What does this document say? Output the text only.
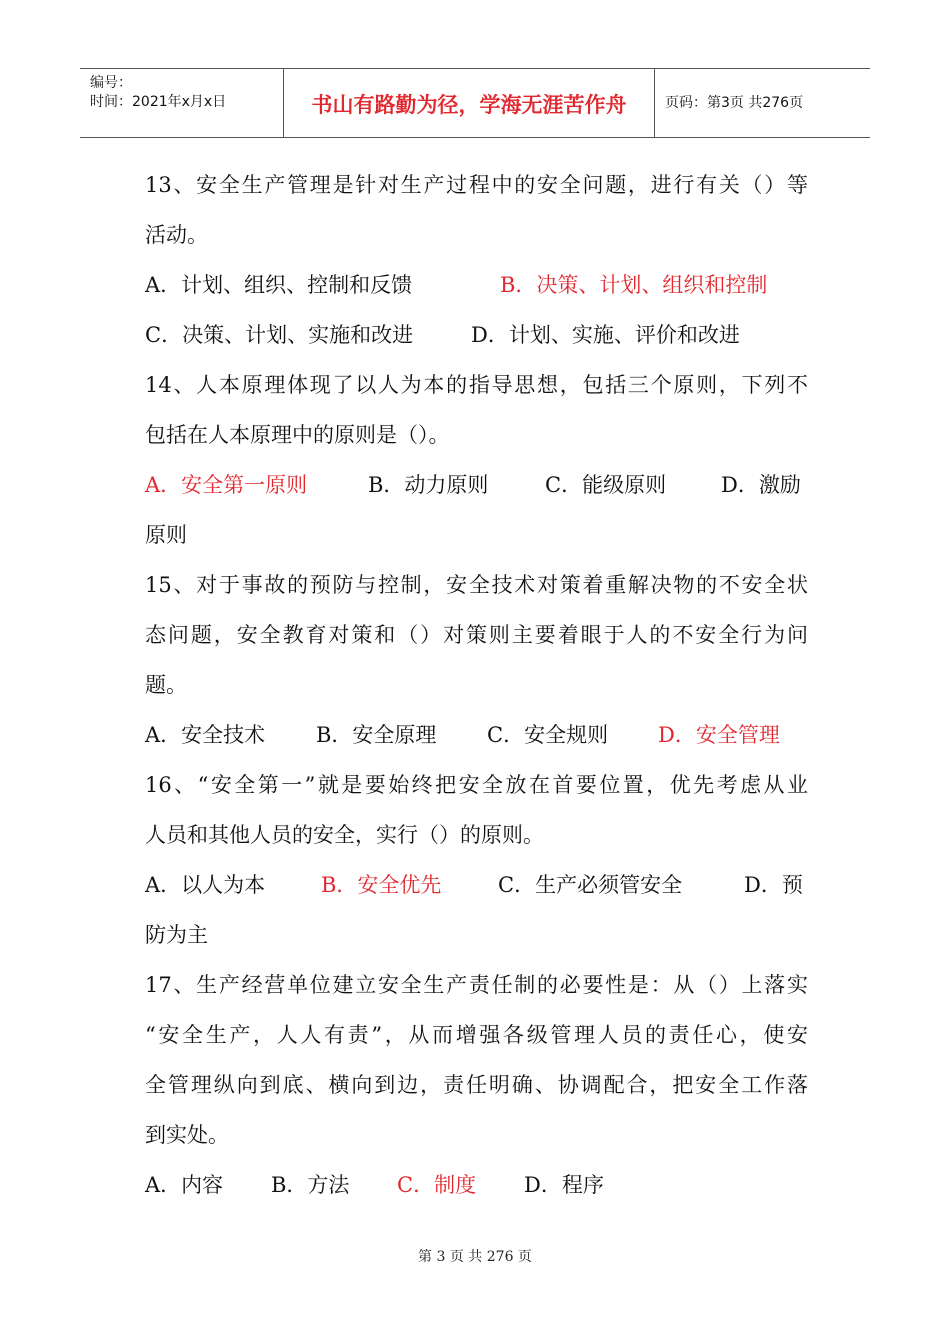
编号：
时间：2021年x月x日	书山有路勤为径，学海无涯苦作舟	页码：第3页 共276页
13、安全生产管理是针对生产过程中的安全问题，进行有关（）等
活动。
A．计划、组织、控制和反馈	B．决策、计划、组织和控制
C．决策、计划、实施和改进	D．计划、实施、评价和改进
14、人本原理体现了以人为本的指导思想，包括三个原则，下列不
包括在人本原理中的原则是（）。
A．安全第一原则	B．动力原则	C．能级原则	D．激励
原则
15、对于事故的预防与控制，安全技术对策着重解决物的不安全状
态问题，安全教育对策和（）对策则主要着眼于人的不安全行为问
题。
A．安全技术 B．安全原理 C．安全规则 D．安全管理
16、“安全第一”就是要始终把安全放在首要位置，优先考虑从业
人员和其他人员的安全，实行（）的原则。
A．以人为本	B．安全优先	C．生产必须管安全	D．预
防为主
17、生产经营单位建立安全生产责任制的必要性是：从（）上落实
“安全生产，人人有责”，从而增强各级管理人员的责任心，使安
全管理纵向到底、横向到边，责任明确、协调配合，把安全工作落
到实处。
A．内容 B．方法 C．制度 D．程序
第 3 页 共 276 页
